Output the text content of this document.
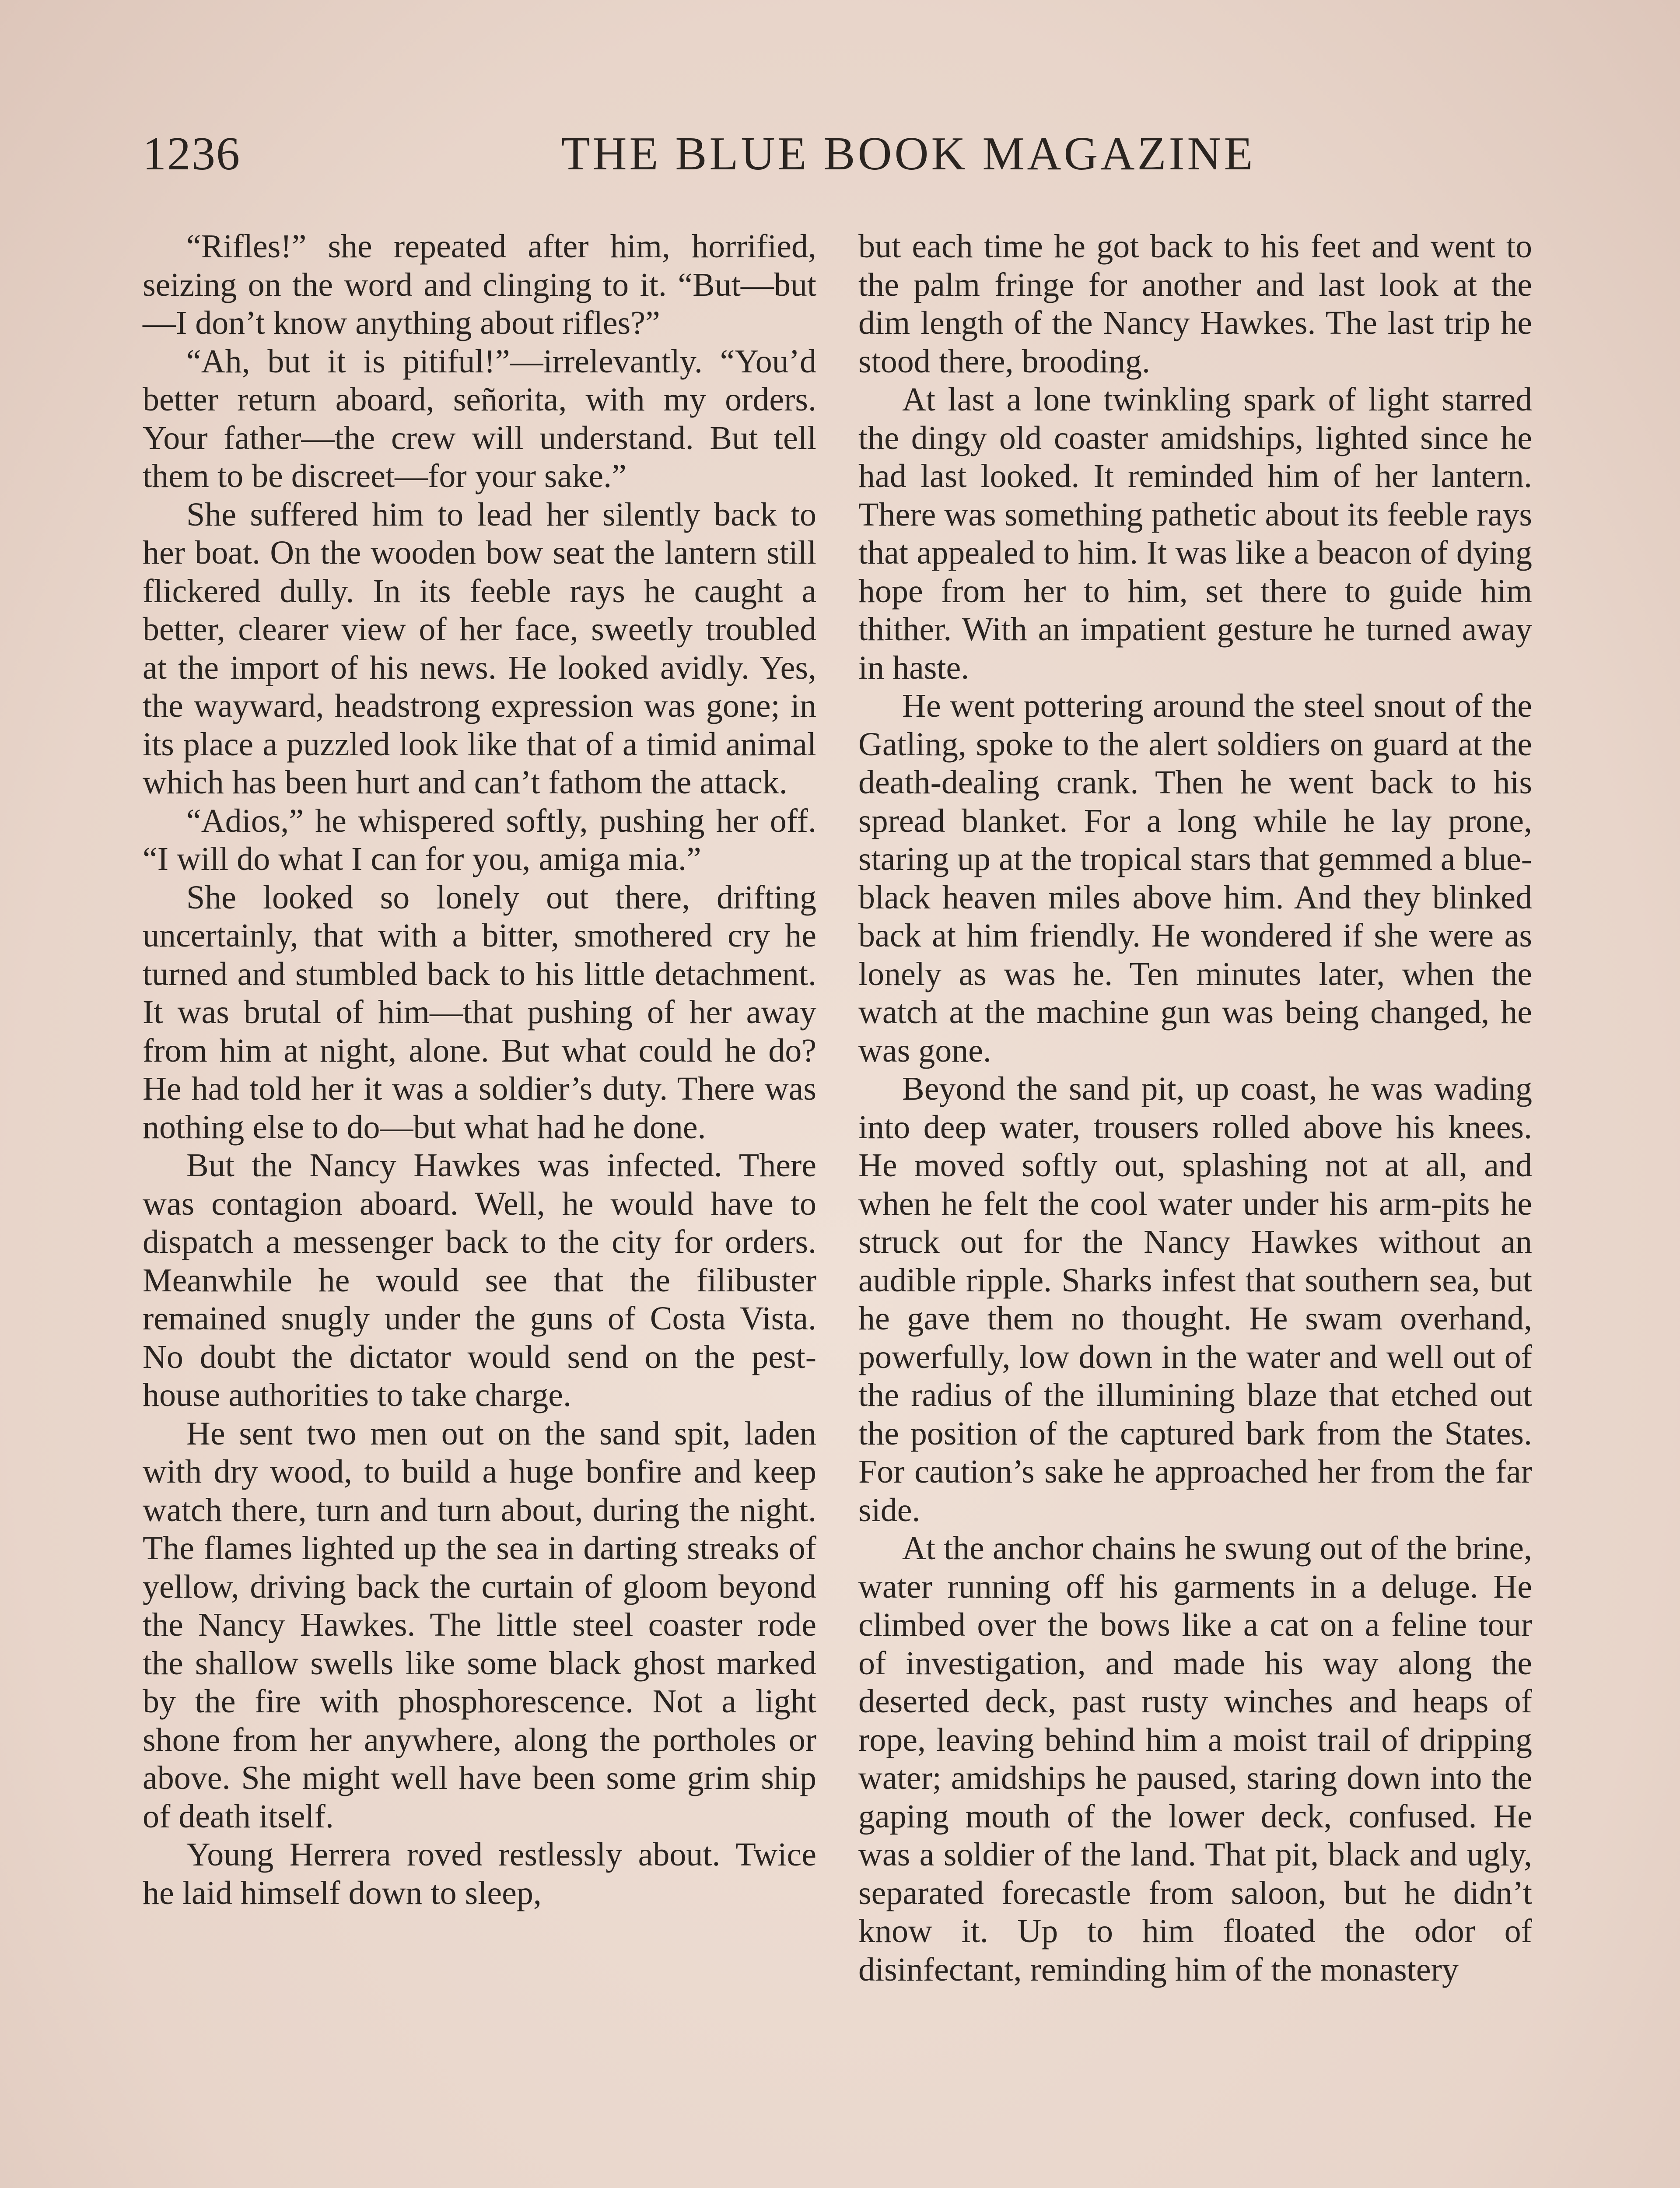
1236	THE BLUE BOOK MAGAZINE

“Rifles!” she repeated after him, horrified, seizing on the word and clinging to it. “But—but—I don’t know anything about rifles?”

“Ah, but it is pitiful!”—irrelevantly. “You’d better return aboard, señorita, with my orders. Your father—the crew will understand. But tell them to be discreet—for your sake.”

She suffered him to lead her silently back to her boat. On the wooden bow seat the lantern still flickered dully. In its feeble rays he caught a better, clearer view of her face, sweetly troubled at the import of his news. He looked avidly. Yes, the wayward, headstrong expression was gone; in its place a puzzled look like that of a timid animal which has been hurt and can’t fathom the attack.

“Adios,” he whispered softly, pushing her off. “I will do what I can for you, amiga mia.”

She looked so lonely out there, drifting uncertainly, that with a bitter, smothered cry he turned and stumbled back to his little detachment. It was brutal of him—that pushing of her away from him at night, alone. But what could he do? He had told her it was a soldier’s duty. There was nothing else to do—but what had he done.

But the Nancy Hawkes was infected. There was contagion aboard. Well, he would have to dispatch a messenger back to the city for orders. Meanwhile he would see that the filibuster remained snugly under the guns of Costa Vista. No doubt the dictator would send on the pest-house authorities to take charge.

He sent two men out on the sand spit, laden with dry wood, to build a huge bonfire and keep watch there, turn and turn about, during the night. The flames lighted up the sea in darting streaks of yellow, driving back the curtain of gloom beyond the Nancy Hawkes. The little steel coaster rode the shallow swells like some black ghost marked by the fire with phosphorescence. Not a light shone from her anywhere, along the portholes or above. She might well have been some grim ship of death itself.

Young Herrera roved restlessly about. Twice he laid himself down to sleep,

but each time he got back to his feet and went to the palm fringe for another and last look at the dim length of the Nancy Hawkes. The last trip he stood there, brooding.

At last a lone twinkling spark of light starred the dingy old coaster amidships, lighted since he had last looked. It reminded him of her lantern. There was something pathetic about its feeble rays that appealed to him. It was like a beacon of dying hope from her to him, set there to guide him thither. With an impatient gesture he turned away in haste.

He went pottering around the steel snout of the Gatling, spoke to the alert soldiers on guard at the death-dealing crank. Then he went back to his spread blanket. For a long while he lay prone, staring up at the tropical stars that gemmed a blue-black heaven miles above him. And they blinked back at him friendly. He wondered if she were as lonely as was he. Ten minutes later, when the watch at the machine gun was being changed, he was gone.

Beyond the sand pit, up coast, he was wading into deep water, trousers rolled above his knees. He moved softly out, splashing not at all, and when he felt the cool water under his arm-pits he struck out for the Nancy Hawkes without an audible ripple. Sharks infest that southern sea, but he gave them no thought. He swam overhand, powerfully, low down in the water and well out of the radius of the illumining blaze that etched out the position of the captured bark from the States. For caution’s sake he approached her from the far side.

At the anchor chains he swung out of the brine, water running off his garments in a deluge. He climbed over the bows like a cat on a feline tour of investigation, and made his way along the deserted deck, past rusty winches and heaps of rope, leaving behind him a moist trail of dripping water; amidships he paused, staring down into the gaping mouth of the lower deck, confused. He was a soldier of the land. That pit, black and ugly, separated forecastle from saloon, but he didn’t know it. Up to him floated the odor of disinfectant, reminding him of the monastery
